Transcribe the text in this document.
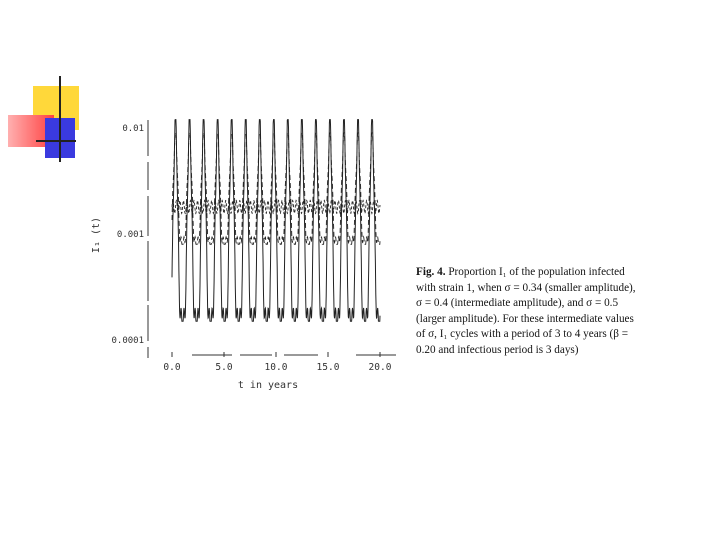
0.01
0.001
0.0001
0.0	5.0	10.0	15.0	20.0
I₁ (t)
t in years

Fig. 4. Proportion I₁ of the population infected with strain 1, when σ = 0.34 (smaller amplitude), σ = 0.4 (intermediate amplitude), and σ = 0.5 (larger amplitude). For these intermediate values of σ, I₁ cycles with a period of 3 to 4 years (β = 0.20 and infectious period is 3 days)
